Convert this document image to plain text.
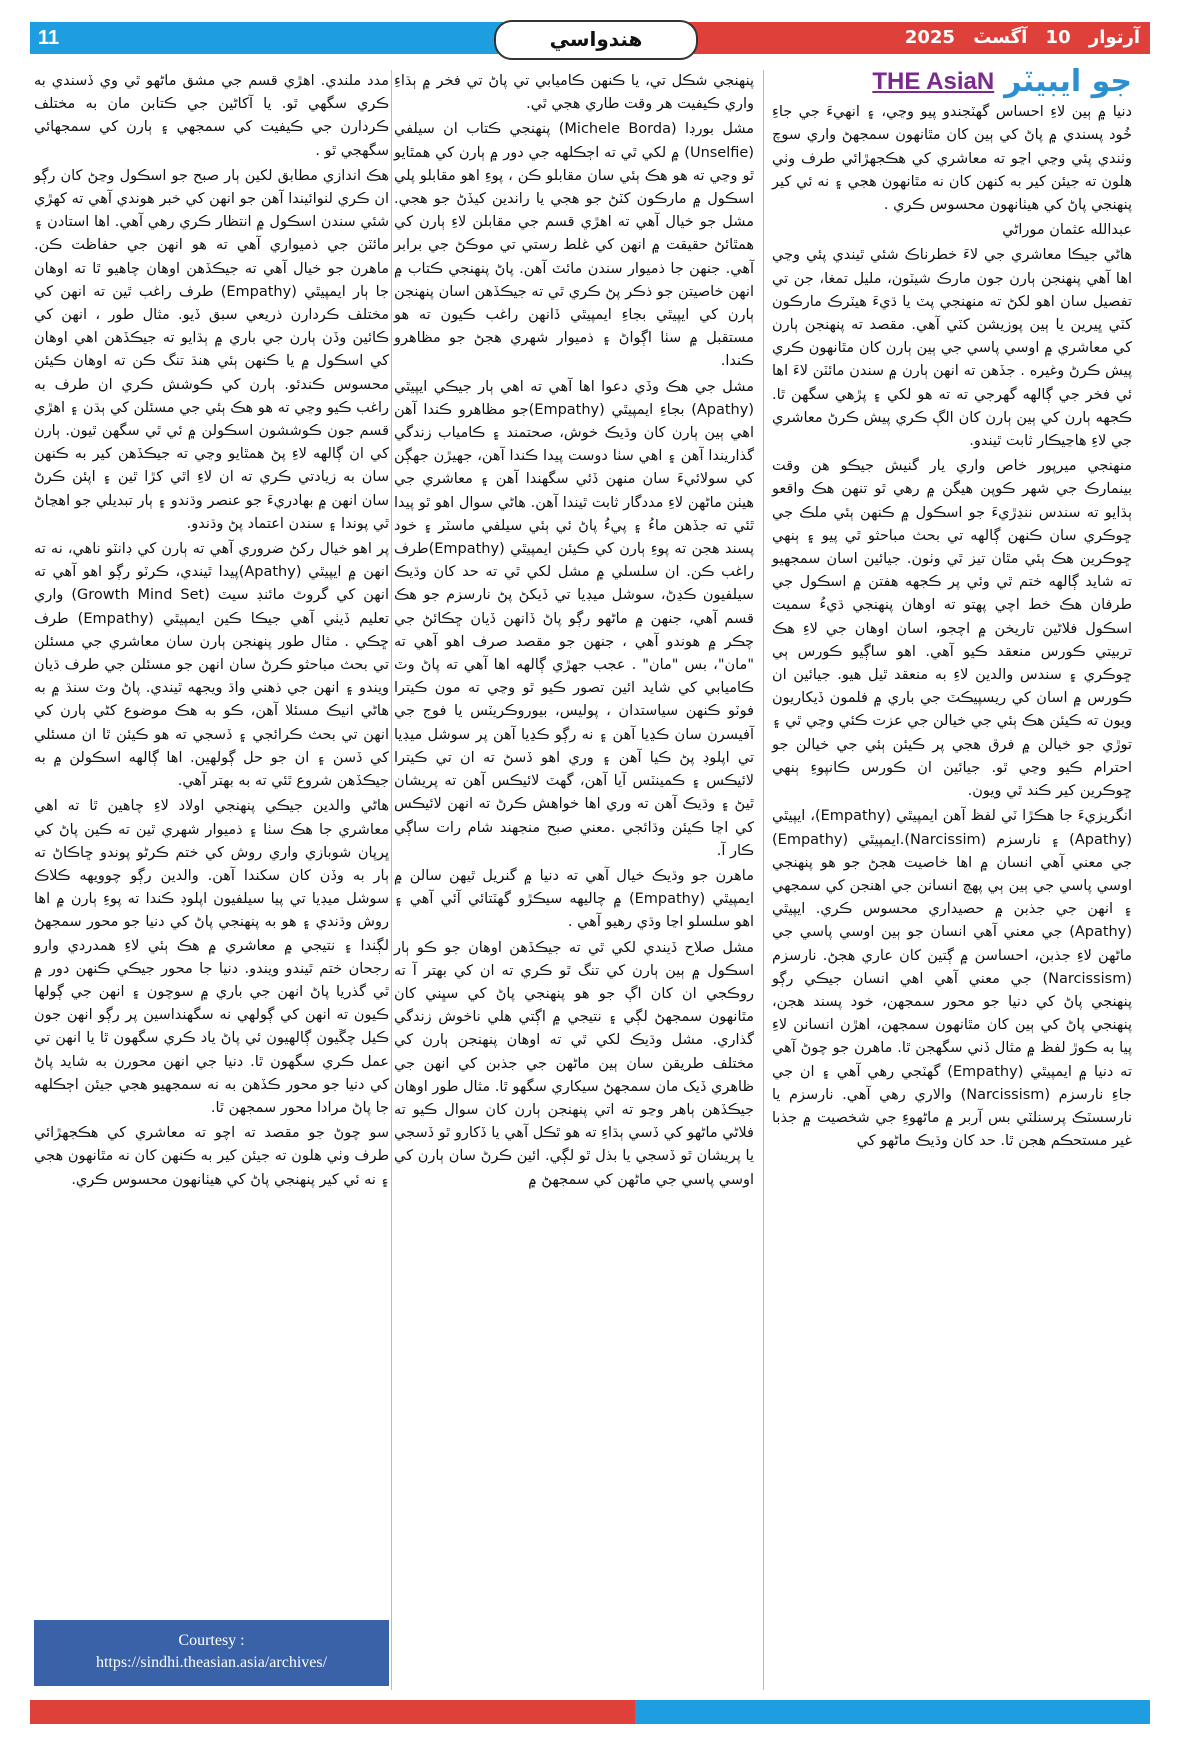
11	هندواسي	آرتوار 10 آگسٽ 2025
جو ايبيٽر
THE AsiaN

دنيا ۾ ٻين لاءِ احساس گهٽجندو پيو وڃي، ۽ انهيءَ جي جاءِ خُود پسندي ۾ پاڻ کي ٻين کان مٿانهون سمجهڻ واري سوچ وٺندي پئي وڃي اڃو ته معاشري کي هڪجهڙائي طرف وٺي هلون ته جيئن کير به کنهن کان نه مٿانهون هجي ۽ نه ئي کير پنهنجي پاڻ کي هيٺانهون محسوس ڪري .

عبدالله عثمان موراڻي

هاڻي جيڪا معاشري جي لاءَ خطرناڪ شئي ٿيندي پئي وڃي اها آهي پنهنجن ٻارن جون مارڪ شيٽون، مليل تمغا، جن تي تفصيل سان اهو لکڻ ته منهنجي پٽ يا ڌيءَ هيٽرڪ مارڪون کٽي ڀيرين يا ٻين پوزيشن کٽي آهي. مقصد ته پنهنجن ٻارن کي معاشري ۾ اوسي پاسي جي ٻين ٻارن کان مٿانهون ڪري پيش ڪرڻ وغيره . جڏهن ته انهن ٻارن ۾ سندن مائٽن لاءَ اها ئي فخر جي ڳالهه گهرجي ته ته هو لکي ۽ پڙهي سگهن ٿا. ڪجهه ٻارن کي ٻين ٻارن کان الڳ ڪري پيش ڪرڻ معاشري جي لاءِ هاڃيڪار ثابت ٿيندو.

منهنجي ميرپور خاص واري يار گنيش جيڪو هن وقت بينمارڪ جي شهر ڪوپن هيگن ۾ رهي ٿو تنهن هڪ واقعو ٻڌايو ته سندس ننڍڙيءَ جو اسڪول ۾ ڪنهن ٻئي ملڪ جي ڇوڪري سان ڪنهن ڳالهه تي بحث مباحثو ٿي پيو ۽ ٻنهي ڇوڪرين هڪ ٻئي مٿان تيز ٿي وٺون. جيائين اسان سمجهيو ته شايد ڳالهه ختم ٿي وئي پر ڪجهه هفتن ۾ اسڪول جي طرفان هڪ خط اچي پهتو ته اوهان پنهنجي ڌيءُ سميت اسڪول فلاڻين تاريخن ۾ اچجو، اسان اوهان جي لاءِ هڪ تربيتي ڪورس منعقد ڪيو آهي. اهو ساڳيو ڪورس ٻي ڇوڪري ۽ سندس والدين لاءِ به منعقد ٿيل هيو. جيائين ان ڪورس ۾ اسان کي ريسپيڪٽ جي باري ۾ فلمون ڏيکاريون ويون ته ڪيئن هڪ ٻئي جي خيالن جي عزت ڪئي وڃي ٿي ۽ توڙي جو خيالن ۾ فرق هجي پر ڪيئن ٻئي جي خيالن جو احترام ڪيو وڃي ٿو. جيائين ان ڪورس ڪانپوءِ ٻنهي ڇوڪرين کير ڪند ٿي ويون.

انگريزيءَ جا هڪڙا ٽي لفظ آهن ايمپيٿي (Empathy)، ايپيٿي (Apathy) ۽ نارسزم (Narcissim).ايمپيٿي (Empathy) جي معني آهي انسان ۾ اها خاصيت هجڻ جو هو پنهنجي اوسي پاسي جي ٻين ٻي پهچ انسانن جي اهنجن کي سمجهي ۽ انهن جي جذبن ۾ حصيداري محسوس ڪري. ايپيٿي (Apathy) جي معني آهي انسان جو ٻين اوسي پاسي جي ماڻهن لاءِ جذبن، احساسن ۾ ڳتين کان عاري هجڻ. نارسزم (Narcissism) جي معني آهي اهي انسان جيڪي رڳو پنهنجي پاڻ کي دنيا جو محور سمجهن، خود پسند هجن، پنهنجي پاڻ کي ٻين کان مٿانهون سمجهن، اهڙن انسانن لاءِ پيا به ڪوڙ لفظ ۾ مثال ڏني سگهجن ٿا. ماهرن جو چوڻ آهي ته دنيا ۾ ايمپيٿي (Empathy) گهٽجي رهي آهي ۽ ان جي جاءِ نارسزم (Narcissism) والاري رهي آهي. نارسزم يا نارسسٽڪ پرسنلٽي بس آربر ۾ ماڻهوءِ جي شخصيت ۾ جذبا غير مستحڪم هجن ٿا. حد کان وڌيڪ ماڻهو کي

پنهنجي شڪل تي، يا ڪنهن ڪاميابي تي پاڻ تي فخر ۾ ٻڌاءِ واري ڪيفيت هر وقت طاري هجي ٿي.

مشل بورڊا (Michele Borda) پنهنجي ڪتاب ان سيلفي (Unselfie) ۾ لکي ٿي ته اڄڪلهه جي دور ۾ ٻارن کي همٿايو ٿو وڃي ته هو هڪ ٻئي سان مقابلو ڪن ، پوءِ اهو مقابلو پلي اسڪول ۾ مارڪون کٽڻ جو هجي يا راندين کيڏڻ جو هجي. مشل جو خيال آهي ته اهڙي قسم جي مقابلن لاءِ ٻارن کي همٿائڻ حقيقت ۾ انهن کي غلط رستي تي موڪڻ جي برابر آهي. جنهن جا ذميوار سندن مائٽ آهن. پاڻ پنهنجي ڪتاب ۾ انهن خاصيتن جو ذڪر پڻ ڪري ٿي ته جيڪڏهن اسان پنهنجن ٻارن کي ايپيٿي بجاءِ ايمپيٿي ڏانهن راغب ڪيون ته هو مستقبل ۾ سٺا اڳواڻ ۽ ذميوار شهري هجڻ جو مظاهرو ڪندا.

مشل جي هڪ وڏي دعوا اها آهي ته اهي ٻار جيڪي ايپيٿي (Apathy) بجاءِ ايمپيٿي (Empathy)جو مظاهرو ڪندا آهن اهي ٻين ٻارن کان وڌيڪ خوش، صحتمند ۽ ڪامياب زندگي گذاريندا آهن ۽ اهي سٺا دوست پيدا ڪندا آهن، جهيڙن جهڳن کي سولائيءَ سان منهن ڏئي سگهندا آهن ۽ معاشري جي هيٺن ماڻهن لاءِ مددگار ثابت ٿيندا آهن. هاڻي سوال اهو ٿو پيدا ٿئي ته جڏهن ماءُ ۽ پيءُ پاڻ ئي ٻئي سيلفي ماسٽر ۽ خود پسند هجن ته پوءِ ٻارن کي ڪيئن ايمپيٿي (Empathy)طرف راغب ڪن. ان سلسلي ۾ مشل لکي ٿي ته حد کان وڌيڪ سيلفيون ڪڍڻ، سوشل ميڊيا تي ڏيکڻ پڻ نارسزم جو هڪ قسم آهي، جنهن ۾ ماڻهو رڳو پاڻ ڏانهن ڏيان ڇڪائڻ جي چڪر ۾ هوندو آهي ، جنهن جو مقصد صرف اهو آهي ته "مان"، بس "مان" . عجب جهڙي ڳالهه اها آهي ته پاڻ وٽ ڪاميابي کي شايد ائين تصور ڪيو ٿو وڃي ته مون ڪيترا فوٽو ڪنهن سياستدان ، پوليس، بيوروڪريٽس يا فوج جي آفيسرن سان ڪڍيا آهن ۽ نه رڳو ڪڍيا آهن پر سوشل ميڊيا تي اپلوڊ پڻ ڪيا آهن ۽ وري اهو ڏسڻ ته ان تي ڪيترا لائيڪس ۽ ڪمينٽس آيا آهن، گهٽ لائيڪس آهن ته پريشان ٿيڻ ۽ وڌيڪ آهن ته وري اها خواهش ڪرڻ ته انهن لائيڪس کي اڃا ڪيئن وڌائجي .معني صبح منجهند شام رات ساڳي ڪار آ.

ماهرن جو وڌيڪ خيال آهي ته دنيا ۾ گنريل ٿيهن سالن ۾ ايمپيٿي (Empathy) ۾ چاليهه سيڪڙو گهٽتائي آئي آهي ۽ اهو سلسلو اڃا وڌي رهيو آهي .

مشل صلاح ڏيندي لکي ٿي ته جيڪڏهن اوهان جو ڪو ٻار اسڪول ۾ ٻين ٻارن کي تنگ ٿو ڪري ته ان کي بهتر آ ته روڪجي ان کان اڳ جو هو پنهنجي پاڻ کي سڀني کان مٿانهون سمجهڻ لڳي ۽ نتيجي ۾ اڳتي هلي ناخوش زندگي گذاري. مشل وڌيڪ لکي ٿي ته اوهان پنهنجن ٻارن کي مختلف طريقن سان ٻين ماڻهن جي جذبن کي انهن جي ظاهري ڏيک مان سمجهڻ سيکاري سگهو ٿا. مثال طور اوهان جيڪڏهن ٻاهر وڃو ته اتي پنهنجن ٻارن کان سوال ڪيو ته فلاڻي ماڻهو کي ڏسي ٻڌاءِ ته هو ٿڪل آهي يا ڏکارو ٿو ڏسجي يا پريشان ٿو ڏسجي يا بذل ٿو لڳي. ائين ڪرڻ سان ٻارن کي اوسي پاسي جي ماڻهن کي سمجهڻ ۾

مدد ملندي. اهڙي قسم جي مشق ماڻهو ٿي وي ڏسندي به ڪري سگهي ٿو. يا آکاڻين جي ڪتابن مان به مختلف ڪردارن جي ڪيفيت کي سمجهي ۽ ٻارن کي سمجهائي سگهجي ٿو .

هڪ اندازي مطابق لکين ٻار صبح جو اسڪول وڃڻ کان رڳو ان ڪري لنوائيندا آهن جو انهن کي خبر هوندي آهي ته کهڙي شئي سندن اسڪول ۾ انتظار ڪري رهي آهي. اها استادن ۽ مائٽن جي ذميواري آهي ته هو انهن جي حفاظت ڪن. ماهرن جو خيال آهي ته جيڪڏهن اوهان چاهيو ٿا ته اوهان جا ٻار ايمپيٿي (Empathy) طرف راغب ٿين ته انهن کي مختلف ڪردارن ذريعي سبق ڏيو. مثال طور ، انهن کي ڪائين وڏن ٻارن جي باري ۾ ٻڌايو ته جيڪڏهن اهي اوهان کي اسڪول ۾ يا ڪنهن ٻئي هنڌ تنگ ڪن ته اوهان ڪيئن محسوس ڪندئو. ٻارن کي ڪوشش ڪري ان طرف به راغب ڪيو وڃي ته هو هڪ ٻئي جي مسئلن کي ٻڌن ۽ اهڙي قسم جون ڪوششون اسڪولن ۾ ئي ٿي سگهن ٿيون. ٻارن کي ان ڳالهه لاءِ پڻ همٿايو وڃي ته جيڪڏهن کير به ڪنهن سان به زيادتي ڪري ته ان لاءِ اٿي کڙا ٿين ۽ اپئن ڪرڻ سان انهن ۾ بهادريءَ جو عنصر وڌندو ۽ ٻار تبديلي جو اهڃاڻ ٿي پوندا ۽ سندن اعتماد پڻ وڌندو.

پر اهو خيال رکڻ ضروري آهي ته ٻارن کي ڊانٽو ناهي، نه ته انهن ۾ ايپيٿي (Apathy)پيدا ٿيندي، ڪرٽو رڳو اهو آهي ته انهن کي گروٿ مائنڊ سيٽ (Growth Mind Set) واري تعليم ڏيٺي آهي جيڪا ڪين ايمپيٿي (Empathy) طرف ڇڪي . مثال طور پنهنجن ٻارن سان معاشري جي مسئلن تي بحث مباحثو ڪرڻ سان انهن جو مسئلن جي طرف ڌيان ويندو ۽ انهن جي ذهني واڌ ويجهه ٿيندي. پاڻ وٽ سنڌ ۾ به هاڻي انيڪ مسئلا آهن، ڪو به هڪ موضوع کڻي ٻارن کي انهن تي بحث ڪرائجي ۽ ڏسجي ته هو ڪيئن ٿا ان مسئلي کي ڏسن ۽ ان جو حل ڳولهين. اها ڳالهه اسڪولن ۾ به جيڪڏهن شروع ٿئي ته به بهتر آهي.

هاڻي والدين جيڪي پنهنجي اولاد لاءِ چاهين ٿا ته اهي معاشري جا هڪ سٺا ۽ ذميوار شهري ٿين ته ڪين پاڻ کي ڀرپان شوبازي واري روش کي ختم ڪرڻو پوندو ڇاڪاڻ ته ٻار به وڏن کان سکندا آهن. والدين رڳو چوويهه ڪلاڪ سوشل ميڊيا تي پيا سيلفيون اپلوڊ ڪندا ته پوءِ ٻارن ۾ اها روش وڌندي ۽ هو به پنهنجي پاڻ کي دنيا جو محور سمجهڻ لڳندا ۽ نتيجي ۾ معاشري ۾ هڪ ٻئي لاءِ همدردي وارو رجحان ختم ٿيندو ويندو. دنيا جا محور جيڪي ڪنهن دور ۾ ٿي گذريا پاڻ انهن جي باري ۾ سوچون ۽ انهن جي ڳولها ڪيون ته انهن کي ڳولهي نه سگهنداسين پر رڳو انهن جون ڪيل چڱيون ڳالهيون ئي پاڻ ياد ڪري سگهون ٿا يا انهن تي عمل ڪري سگهون ٿا. دنيا جي انهن محورن به شايد پاڻ کي دنيا جو محور ڪڏهن به نه سمجهيو هجي جيئن اڄڪلهه جا پاڻ مرادا محور سمجهن ٿا.

سو چوڻ جو مقصد ته اچو ته معاشري کي هڪجهڙائي طرف وٺي هلون ته جيئن کير به ڪنهن کان نه مٿانهون هجي ۽ نه ئي کير پنهنجي پاڻ کي هيٺانهون محسوس ڪري.

Courtesy :
https://sindhi.theasian.asia/archives/
